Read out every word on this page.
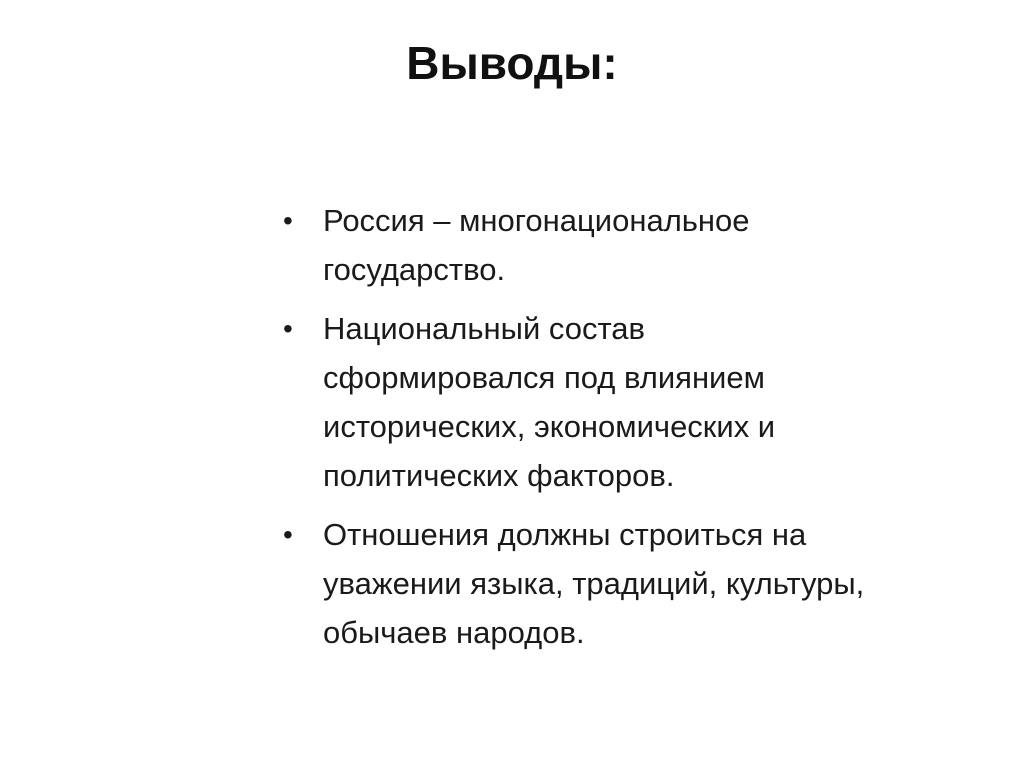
Выводы:
• Россия – многонациональное
государство.
• Национальный состав
сформировался под влиянием
исторических, экономических и
политических факторов.
• Отношения должны строиться на
уважении языка, традиций, культуры,
обычаев народов.
